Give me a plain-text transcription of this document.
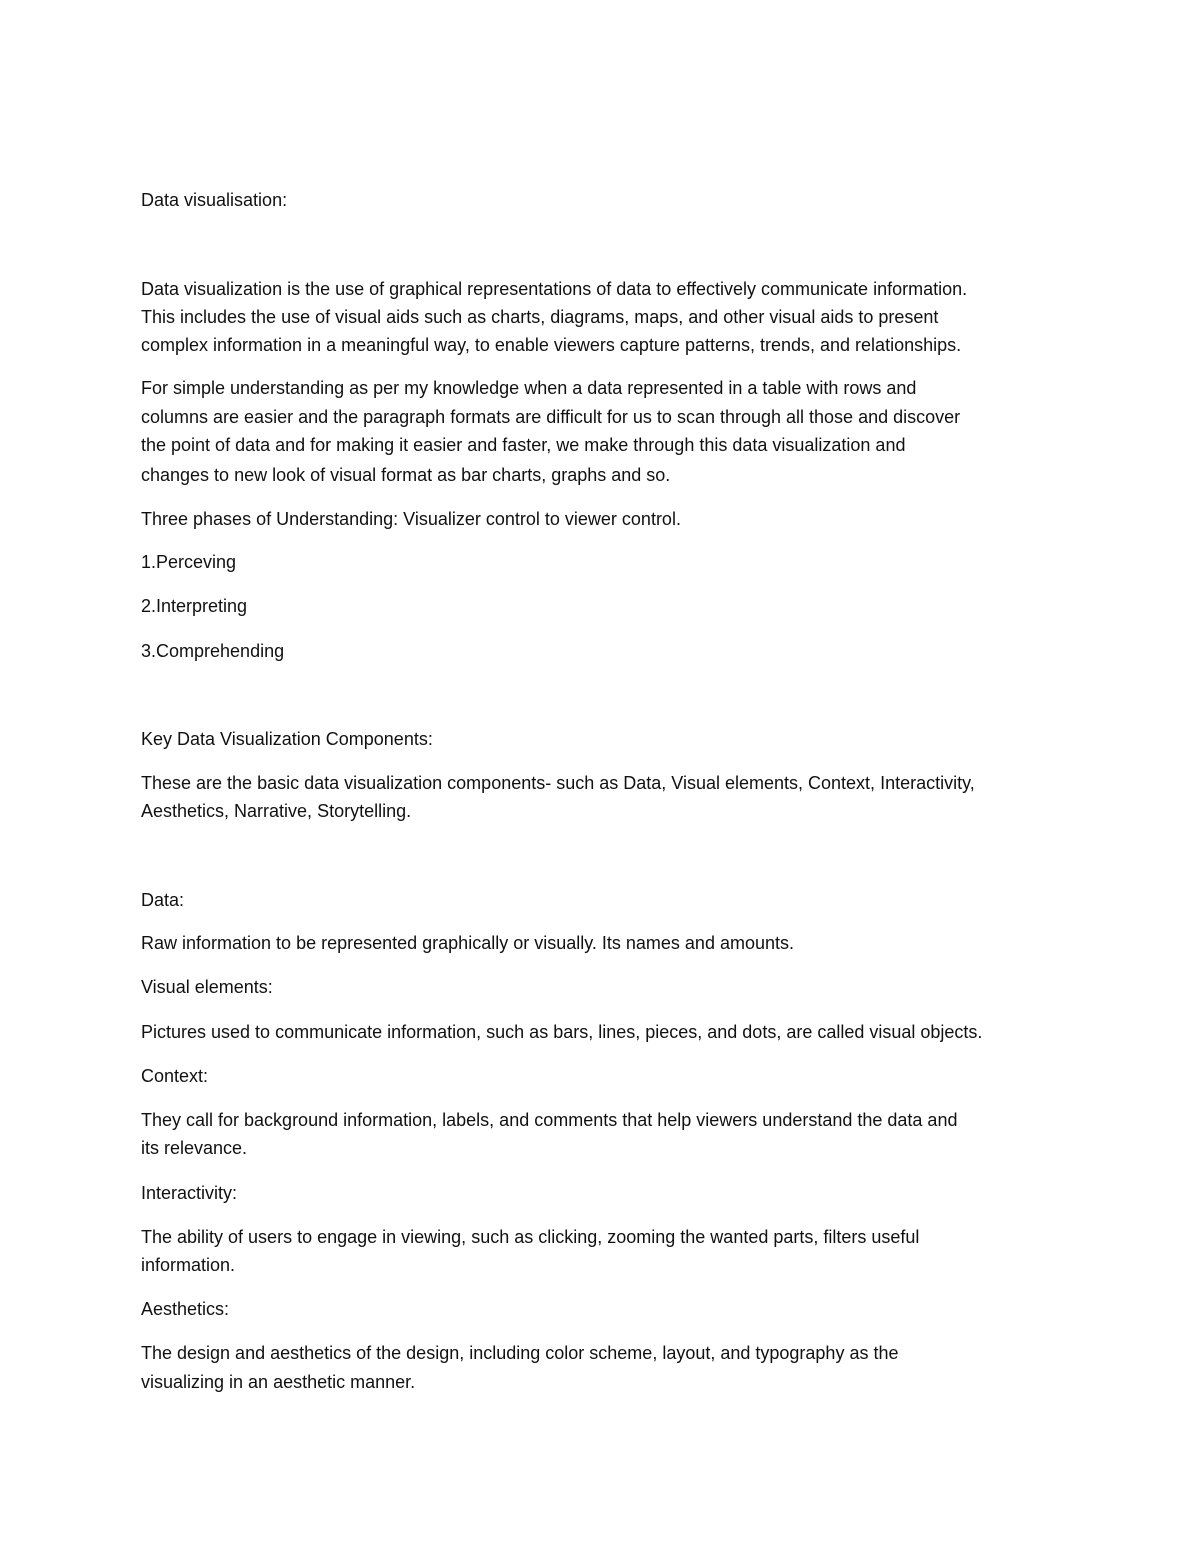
Data visualisation:

Data visualization is the use of graphical representations of data to effectively communicate information.

This includes the use of visual aids such as charts, diagrams, maps, and other visual aids to present

complex information in a meaningful way, to enable viewers capture patterns, trends, and relationships.

For simple understanding as per my knowledge when a data represented in a table with rows and

columns are easier and the paragraph formats are difficult for us to scan through all those and discover

the point of data and for making it easier and faster, we make through this data visualization and

changes to new look of visual format as bar charts, graphs and so.

Three phases of Understanding: Visualizer control to viewer control.

1.Perceving

2.Interpreting

3.Comprehending

Key Data Visualization Components:

These are the basic data visualization components- such as Data, Visual elements, Context, Interactivity,

Aesthetics, Narrative, Storytelling.

Data:

Raw information to be represented graphically or visually. Its names and amounts.

Visual elements:

Pictures used to communicate information, such as bars, lines, pieces, and dots, are called visual objects.

Context:

They call for background information, labels, and comments that help viewers understand the data and

its relevance.

Interactivity:

The ability of users to engage in viewing, such as clicking, zooming the wanted parts, filters useful

information.

Aesthetics:

The design and aesthetics of the design, including color scheme, layout, and typography as the

visualizing in an aesthetic manner.
